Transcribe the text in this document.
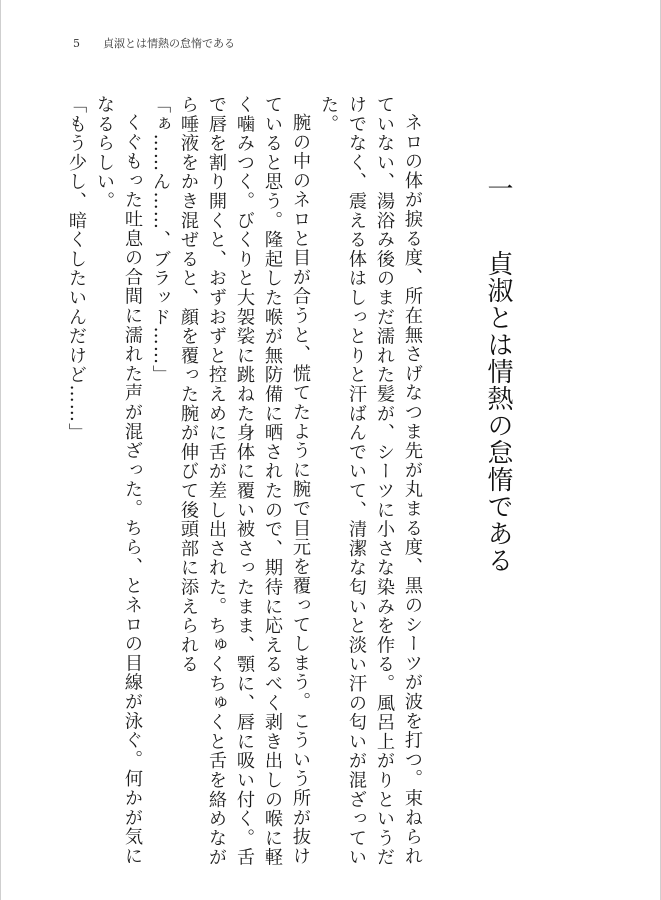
5 貞淑とは情熱の怠惰である
一貞淑とは情熱の怠惰である

ネロの体が捩る度、所在無さげなつま先が丸まる度、黒のシーツが波を打つ。束ねられていない、湯浴み後のまだ濡れた髪が、シーツに小さな染みを作る。風呂上がりというだけでなく、震える体はしっとりと汗ばんでいて、清潔な匂いと淡い汗の匂いが混ざっていた。

腕の中のネロと目が合うと、慌てたように腕で目元を覆ってしまう。こういう所が抜けていると思う。隆起した喉が無防備に晒されたので、期待に応えるべく剥き出しの喉に軽く噛みつく。びくりと大袈裟に跳ねた身体に覆い被さったまま、顎に、唇に吸い付く。舌で唇を割り開くと、おずおずと控えめに舌が差し出された。ちゅくちゅくと舌を絡めながら唾液をかき混ぜると、顔を覆った腕が伸びて後頭部に添えられる

「ぁ……ん……、ブラッド……」

くぐもった吐息の合間に濡れた声が混ざった。ちら、とネロの目線が泳ぐ。何かが気になるらしい。

「もう少し、暗くしたいんだけど……」
